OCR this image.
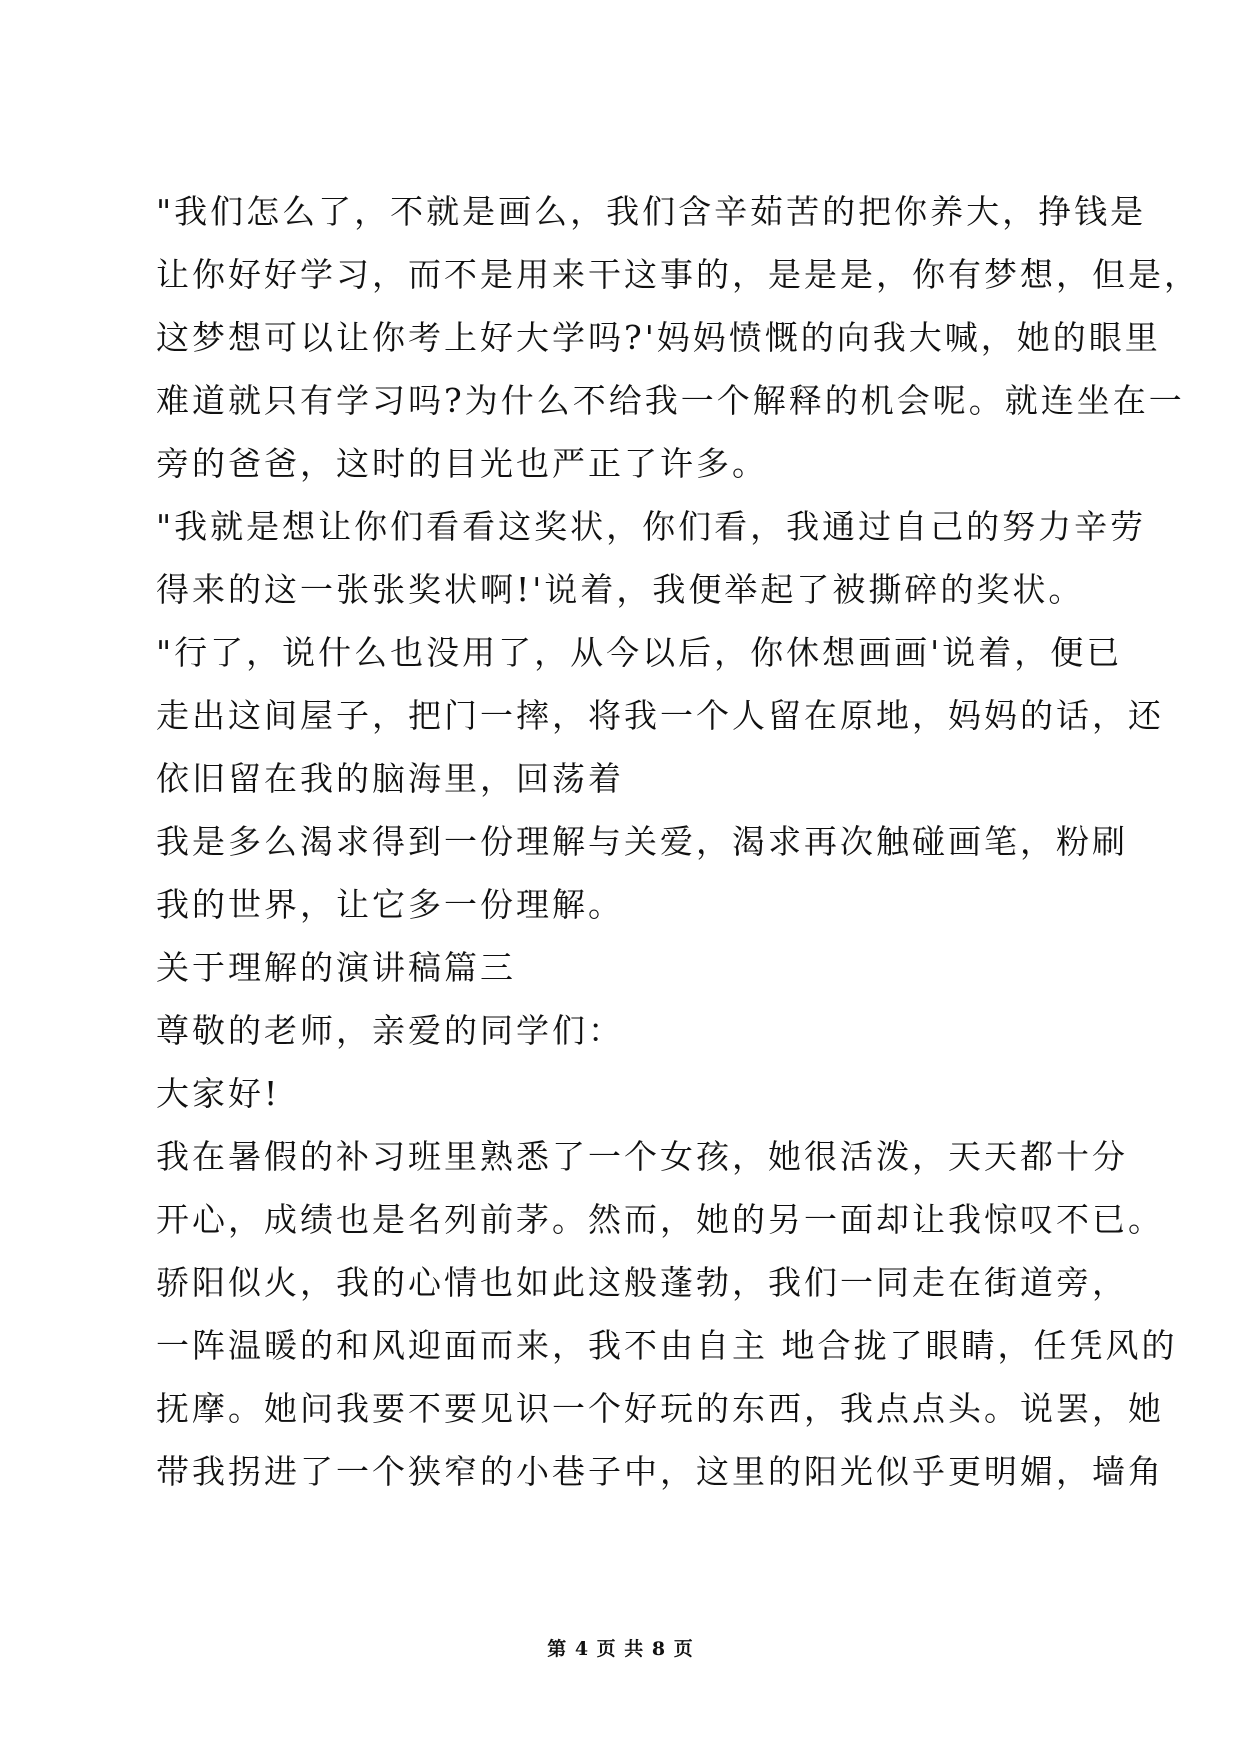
"我们怎么了，不就是画么，我们含辛茹苦的把你养大，挣钱是
让你好好学习，而不是用来干这事的，是是是，你有梦想，但是，
这梦想可以让你考上好大学吗?'妈妈愤慨的向我大喊，她的眼里
难道就只有学习吗?为什么不给我一个解释的机会呢。就连坐在一
旁的爸爸，这时的目光也严正了许多。
"我就是想让你们看看这奖状，你们看，我通过自己的努力辛劳
得来的这一张张奖状啊!'说着，我便举起了被撕碎的奖状。
"行了，说什么也没用了，从今以后，你休想画画'说着，便已
走出这间屋子，把门一摔，将我一个人留在原地，妈妈的话，还
依旧留在我的脑海里，回荡着
我是多么渴求得到一份理解与关爱，渴求再次触碰画笔，粉刷
我的世界，让它多一份理解。
关于理解的演讲稿篇三
尊敬的老师，亲爱的同学们：
大家好!
我在暑假的补习班里熟悉了一个女孩，她很活泼，天天都十分
开心，成绩也是名列前茅。然而，她的另一面却让我惊叹不已。
骄阳似火，我的心情也如此这般蓬勃，我们一同走在街道旁，
一阵温暖的和风迎面而来，我不由自主 地合拢了眼睛，任凭风的
抚摩。她问我要不要见识一个好玩的东西，我点点头。说罢，她
带我拐进了一个狭窄的小巷子中，这里的阳光似乎更明媚，墙角
第 4 页 共 8 页
